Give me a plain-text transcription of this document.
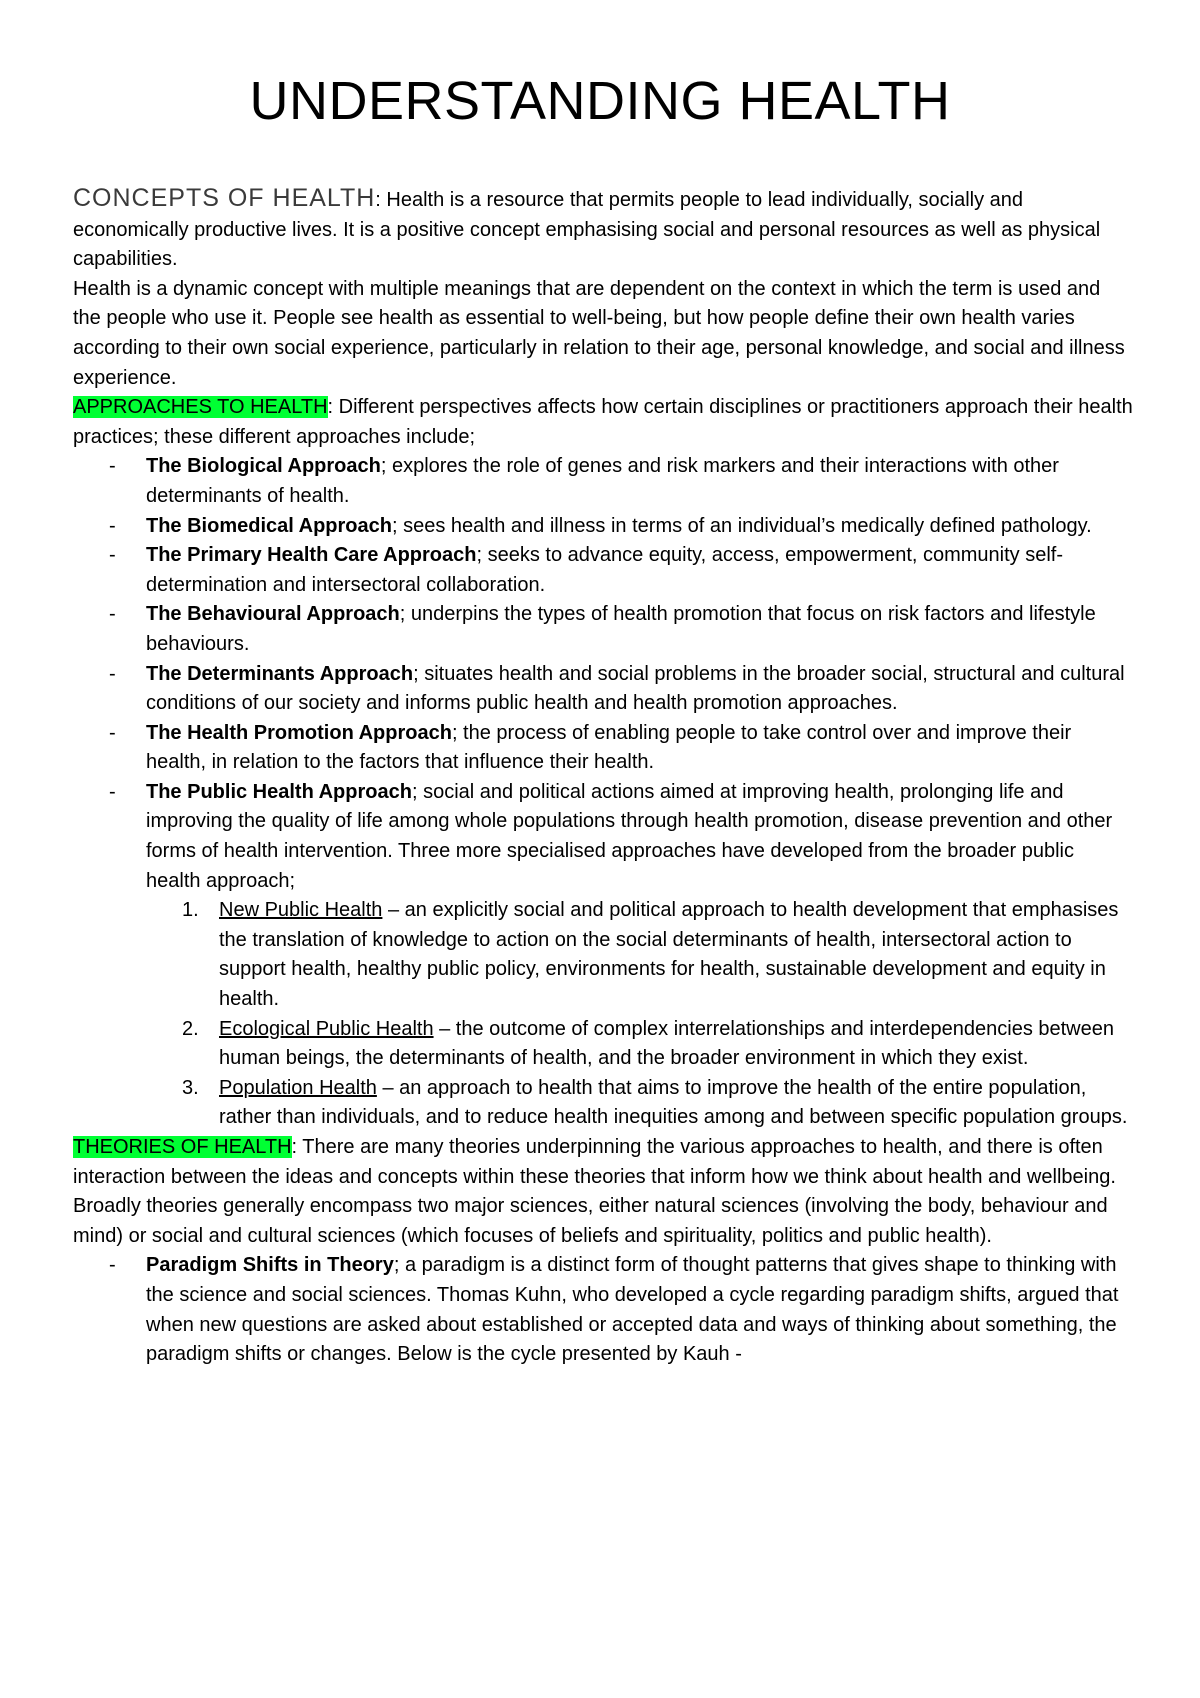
UNDERSTANDING HEALTH

CONCEPTS OF HEALTH: Health is a resource that permits people to lead individually, socially and economically productive lives. It is a positive concept emphasising social and personal resources as well as physical capabilities.

Health is a dynamic concept with multiple meanings that are dependent on the context in which the term is used and the people who use it. People see health as essential to well-being, but how people define their own health varies according to their own social experience, particularly in relation to their age, personal knowledge, and social and illness experience.

APPROACHES TO HEALTH: Different perspectives affects how certain disciplines or practitioners approach their health practices; these different approaches include;

- The Biological Approach; explores the role of genes and risk markers and their interactions with other determinants of health.
- The Biomedical Approach; sees health and illness in terms of an individual’s medically defined pathology.
- The Primary Health Care Approach; seeks to advance equity, access, empowerment, community self-determination and intersectoral collaboration.
- The Behavioural Approach; underpins the types of health promotion that focus on risk factors and lifestyle behaviours.
- The Determinants Approach; situates health and social problems in the broader social, structural and cultural conditions of our society and informs public health and health promotion approaches.
- The Health Promotion Approach; the process of enabling people to take control over and improve their health, in relation to the factors that influence their health.
- The Public Health Approach; social and political actions aimed at improving health, prolonging life and improving the quality of life among whole populations through health promotion, disease prevention and other forms of health intervention. Three more specialised approaches have developed from the broader public health approach;
1. New Public Health – an explicitly social and political approach to health development that emphasises the translation of knowledge to action on the social determinants of health, intersectoral action to support health, healthy public policy, environments for health, sustainable development and equity in health.
2. Ecological Public Health – the outcome of complex interrelationships and interdependencies between human beings, the determinants of health, and the broader environment in which they exist.
3. Population Health – an approach to health that aims to improve the health of the entire population, rather than individuals, and to reduce health inequities among and between specific population groups.

THEORIES OF HEALTH: There are many theories underpinning the various approaches to health, and there is often interaction between the ideas and concepts within these theories that inform how we think about health and wellbeing. Broadly theories generally encompass two major sciences, either natural sciences (involving the body, behaviour and mind) or social and cultural sciences (which focuses of beliefs and spirituality, politics and public health).

- Paradigm Shifts in Theory; a paradigm is a distinct form of thought patterns that gives shape to thinking with the science and social sciences. Thomas Kuhn, who developed a cycle regarding paradigm shifts, argued that when new questions are asked about established or accepted data and ways of thinking about something, the paradigm shifts or changes. Below is the cycle presented by Kauh -
